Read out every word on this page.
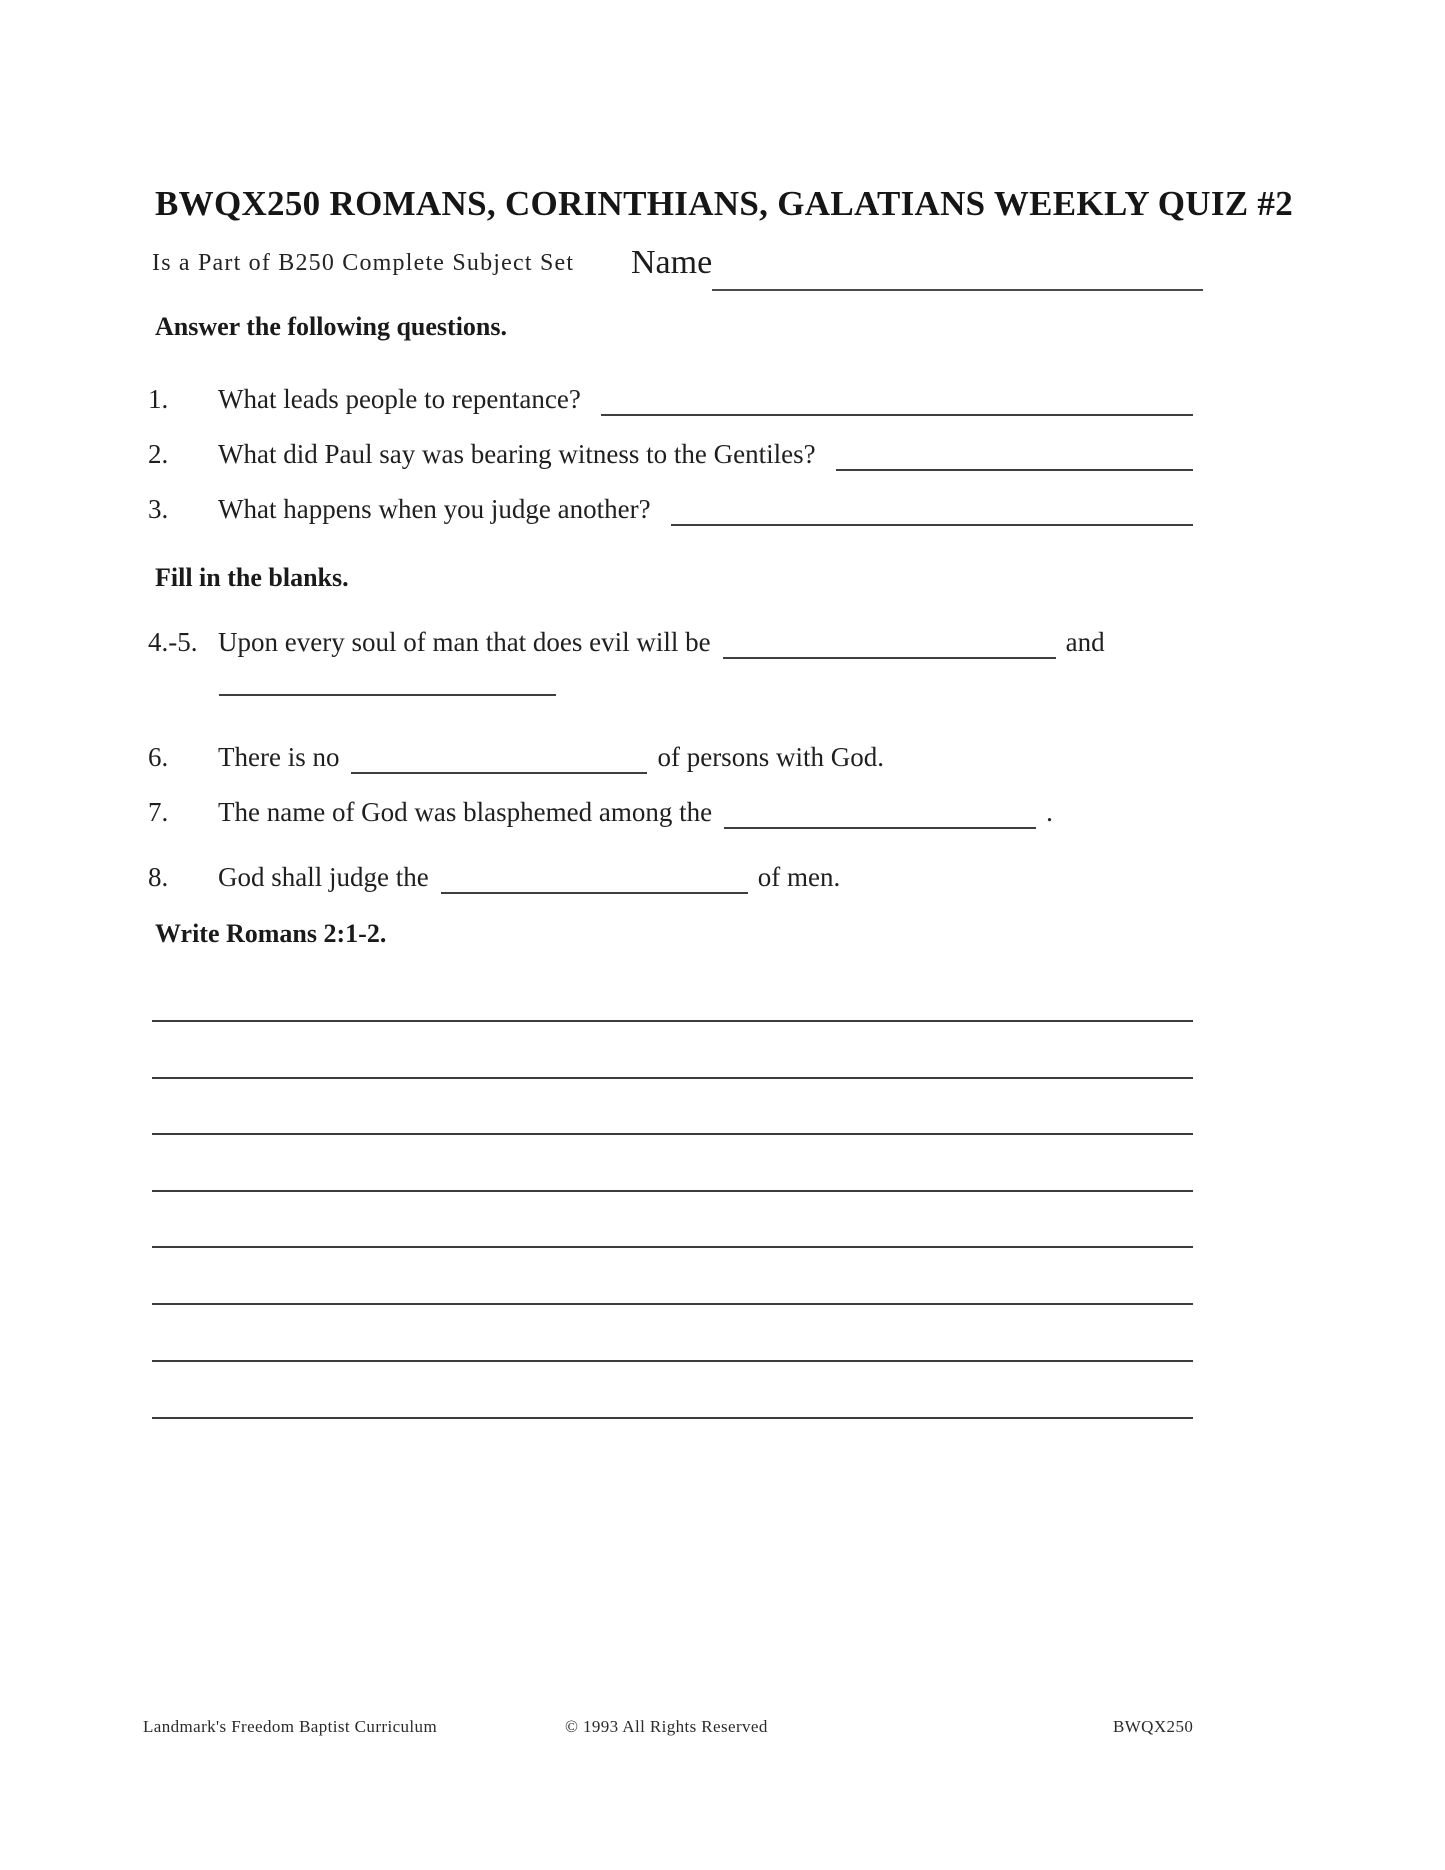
BWQX250 ROMANS, CORINTHIANS, GALATIANS WEEKLY QUIZ #2
Is a Part of B250 Complete Subject Set Name
Answer the following questions.
1.	What leads people to repentance?
2.	What did Paul say was bearing witness to the Gentiles?
3.	What happens when you judge another?
Fill in the blanks.
4.-5. Upon every soul of man that does evil will be	and
6.	There is no	of persons with God.
7.	The name of God was blasphemed among the	.
8.	God shall judge the	of men.
Write Romans 2:1-2.
Landmark's Freedom Baptist Curriculum	© 1993 All Rights Reserved	BWQX250
